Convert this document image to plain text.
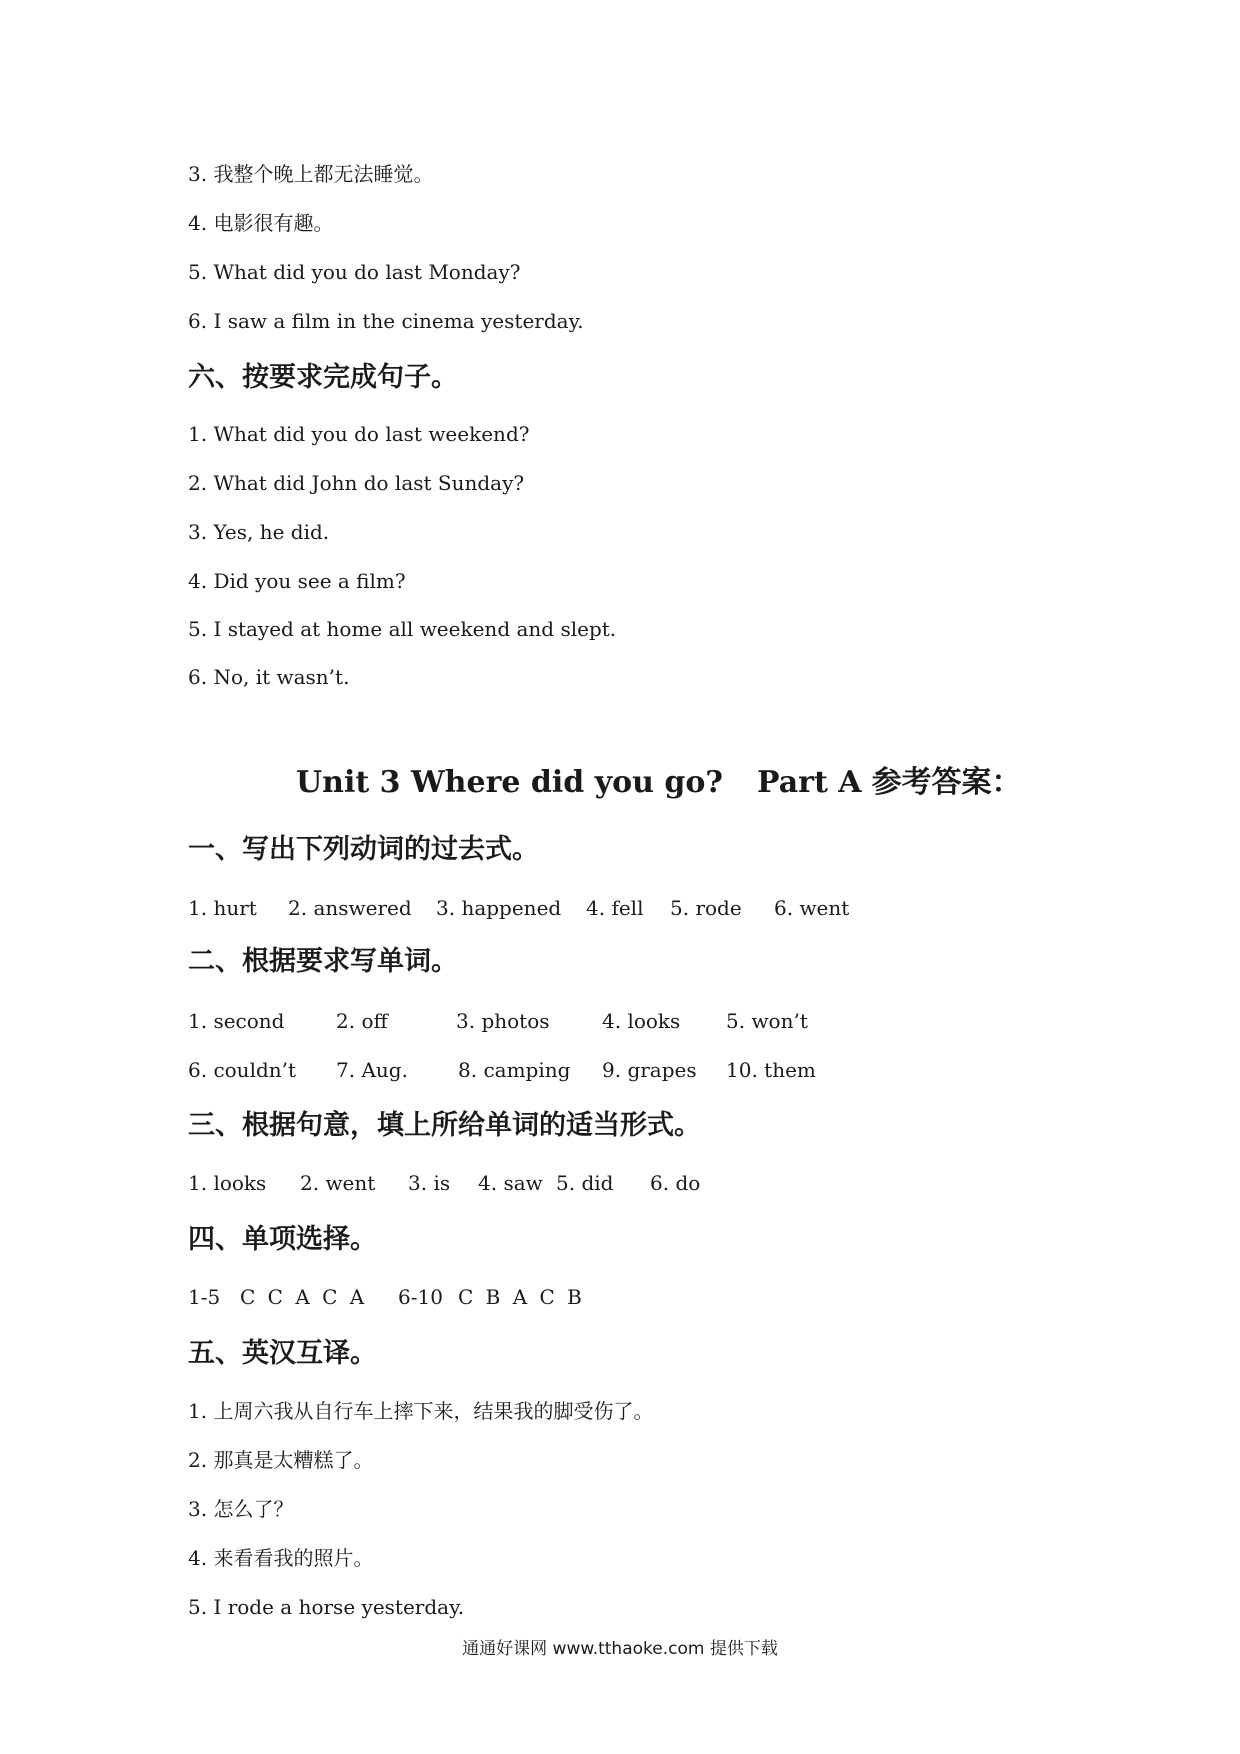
3. 我整个晚上都无法睡觉。
4. 电影很有趣。
5. What did you do last Monday?
6. I saw a film in the cinema yesterday.
六、按要求完成句子。
1. What did you do last weekend?
2. What did John do last Sunday?
3. Yes, he did.
4. Did you see a film?
5. I stayed at home all weekend and slept.
6. No, it wasn’t.
Unit 3 Where did you go? Part A 参考答案：
一、写出下列动词的过去式。
1. hurt 2. answered 3. happened 4. fell 5. rode 6. went
二、根据要求写单词。
1. second	2. off	3. photos	4. looks 5. won’t
6. couldn’t 7. Aug.	8. camping 9. grapes 10. them
三、根据句意，填上所给单词的适当形式。
1. looks 2. went 3. is 4. saw 5. did 6. do
四、单项选择。
1-5 C C A C A 6-10 C B A C B
五、英汉互译。
1. 上周六我从自行车上摔下来，结果我的脚受伤了。
2. 那真是太糟糕了。
3. 怎么了？
4. 来看看我的照片。
5. I rode a horse yesterday.
通通好课网 www.tthaoke.com 提供下载
